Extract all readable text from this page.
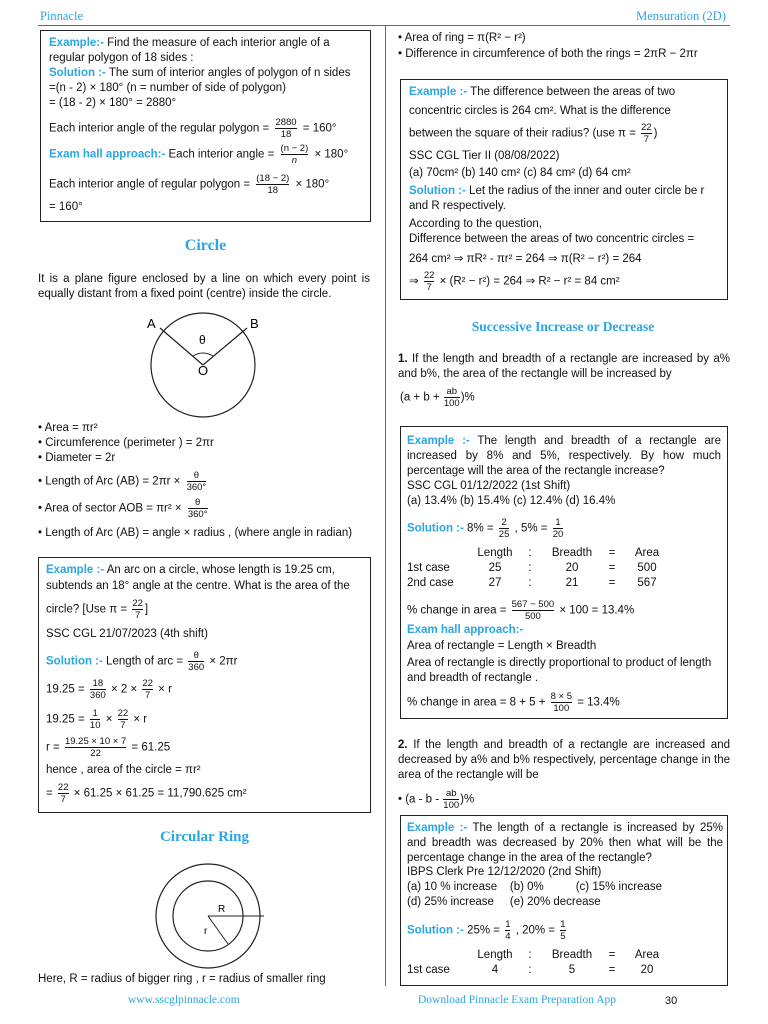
Pinnacle	Mensuration (2D)
Example:- Find the measure of each interior angle of a regular polygon of 18 sides :
Solution :- The sum of interior angles of polygon of n sides
=(n - 2) × 180° (n = number of side of polygon)
= (18 - 2) × 180° = 2880°
Each interior angle of the regular polygon = $\frac{2880}{18} = 160^\circ$
Exam hall approach:- Each interior angle = $\frac{(n - 2)}{n} \times 180^\circ$
Each interior angle of regular polygon = $\frac{(18 - 2)}{18} \times 180^\circ$
= 160°
Circle
It is a plane figure enclosed by a line on which every point is equally distant from a fixed point (centre) inside the circle.
A	B
θ
O
• Area = πr²
• Circumference (perimeter ) = 2πr
• Diameter = 2r
• Length of Arc $(AB) = 2\pi r \times \frac{\theta}{360^\circ}$
• Area of sector AOB = $\pi r^2 \times \frac{\theta}{360^\circ}$
• Length of Arc (AB) = angle × radius , (where angle in radian)
Example :- An arc on a circle, whose length is 19.25 cm,
subtends an 18° angle at the centre. What is the area of the
circle? [Use $\pi = \frac{22}{7}$ ]
SSC CGL 21/07/2023 (4th shift)
Solution :- Length of arc = $\frac{\theta}{360} \times 2\pi r$
$19.25 = \frac{18}{360} \times 2 \times \frac{22}{7} \times r$
$19.25 = \frac{1}{10} \times \frac{22}{7} \times r$
$r = \frac{19.25 \times 10 \times 7}{22} = 61.25$
hence , area of the circle = πr²
= $\frac{22}{7} \times 61.25 \times 61.25 = 11,790.625$ cm²
Circular Ring
R
r
Here, R = radius of bigger ring , r = radius of smaller ring
• Area of ring = π(R² − r²)
• Difference in circumference of both the rings = 2πR − 2πr
Example :- The difference between the areas of two
concentric circles is 264 cm². What is the difference
between the square of their radius? (use $\pi = \frac{22}{7}$ )
SSC CGL Tier II (08/08/2022)
(a) 70cm² (b) 140 cm² (c) 84 cm² (d) 64 cm²
Solution :- Let the radius of the inner and outer circle be r
and R respectively.
According to the question,
Difference between the areas of two concentric circles =
264 cm² ⇒ πR² - πr² = 264 ⇒ π(R² − r²) = 264
⇒ $\frac{22}{7} \times (R^2 - r^2) = 264$ ⇒ R² − r² = 84 cm²
Successive Increase or Decrease
1. If the length and breadth of a rectangle are increased by a% and b%, the area of the rectangle will be increased by
($a + b + \frac{ab}{100}$ )%
Example :- The length and breadth of a rectangle are increased by 8% and 5%, respectively. By how much percentage will the area of the rectangle increase?
SSC CGL 01/12/2022 (1st Shift)
(a) 13.4% (b) 15.4% (c) 12.4% (d) 16.4%
Solution :- $8\% = \frac{2}{25}$ , $5\% = \frac{1}{20}$
	Length	:	Breadth	=	Area
1st case	25	:	20	=	500
2nd case	27	:	21	=	567
% change in area = $\frac{567 - 500}{500} \times 100 = 13.4\%$
Exam hall approach:-
Area of rectangle = Length × Breadth
Area of rectangle is directly proportional to product of length and breadth of rectangle .
% change in area = $8 + 5 + \frac{8 \times 5}{100} = 13.4\%$
2. If the length and breadth of a rectangle are increased and decreased by a% and b% respectively, percentage change in the area of the rectangle will be
• (a - b - $\frac{ab}{100}$ )%
Example :- The length of a rectangle is increased by 25% and breadth was decreased by 20% then what will be the percentage change in the area of the rectangle?
IBPS Clerk Pre 12/12/2020 (2nd Shift)
(a) 10 % increase    (b) 0%          (c) 15% increase
(d) 25% increase     (e) 20% decrease
Solution :- $25\% = \frac{1}{4}$ , $20\% = \frac{1}{5}$
	Length	:	Breadth	=	Area
1st case	4	:	5	=	20
www.sscglpinnacle.com	Download Pinnacle Exam Preparation App	30
